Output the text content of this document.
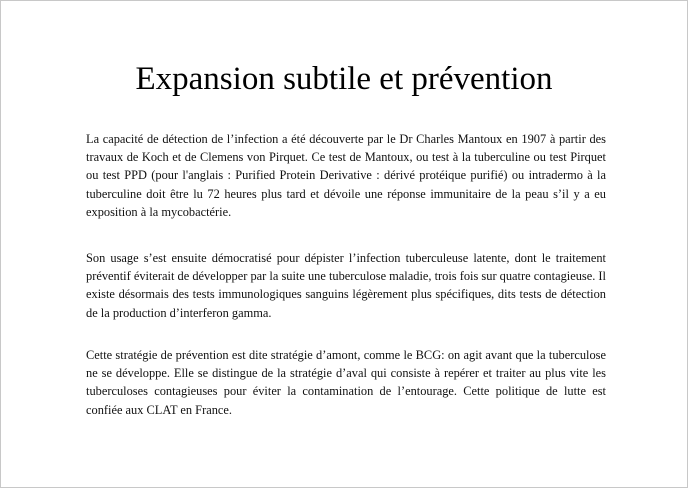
Expansion subtile et prévention

La capacité de détection de l’infection a été découverte par le Dr Charles Mantoux en 1907 à partir des travaux de Koch et de Clemens von Pirquet. Ce test de Mantoux, ou test à la tuberculine ou test Pirquet ou test PPD (pour l'anglais : Purified Protein Derivative : dérivé protéique purifié) ou intradermo à la tuberculine doit être lu 72 heures plus tard et dévoile une réponse immunitaire de la peau s’il y a eu exposition à la mycobactérie.

Son usage s’est ensuite démocratisé pour dépister l’infection tuberculeuse latente, dont le traitement préventif éviterait de développer par la suite une tuberculose maladie, trois fois sur quatre contagieuse. Il existe désormais des tests immunologiques sanguins légèrement plus spécifiques, dits tests de détection de la production d’interferon gamma.

Cette stratégie de prévention est dite stratégie d’amont, comme le BCG: on agit avant que la tuberculose ne se développe. Elle se distingue de la stratégie d’aval qui consiste à repérer et traiter au plus vite les tuberculoses contagieuses pour éviter la contamination de l’entourage. Cette politique de lutte est confiée aux CLAT en France.
